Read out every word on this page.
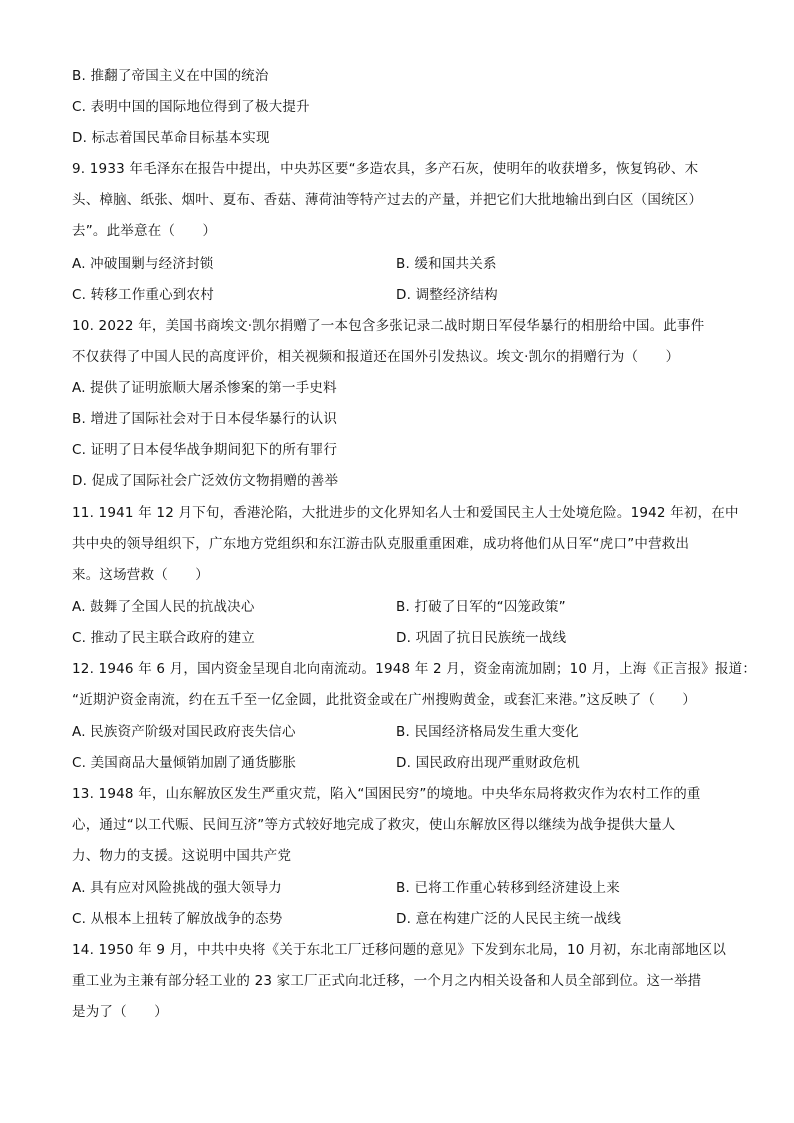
B. 推翻了帝国主义在中国的统治
C. 表明中国的国际地位得到了极大提升
D. 标志着国民革命目标基本实现
9. 1933 年毛泽东在报告中提出，中央苏区要“多造农具，多产石灰，使明年的收获增多，恢复钨砂、木
头、樟脑、纸张、烟叶、夏布、香菇、薄荷油等特产过去的产量，并把它们大批地输出到白区（国统区）
去”。此举意在（　　）
A. 冲破围剿与经济封锁	B. 缓和国共关系
C. 转移工作重心到农村	D. 调整经济结构
10. 2022 年，美国书商埃文·凯尔捐赠了一本包含多张记录二战时期日军侵华暴行的相册给中国。此事件
不仅获得了中国人民的高度评价，相关视频和报道还在国外引发热议。埃文·凯尔的捐赠行为（　　）
A. 提供了证明旅顺大屠杀惨案的第一手史料
B. 增进了国际社会对于日本侵华暴行的认识
C. 证明了日本侵华战争期间犯下的所有罪行
D. 促成了国际社会广泛效仿文物捐赠的善举
11. 1941 年 12 月下旬，香港沦陷，大批进步的文化界知名人士和爱国民主人士处境危险。1942 年初，在中
共中央的领导组织下，广东地方党组织和东江游击队克服重重困难，成功将他们从日军“虎口”中营救出
来。这场营救（　　）
A. 鼓舞了全国人民的抗战决心	B. 打破了日军的“囚笼政策”
C. 推动了民主联合政府的建立	D. 巩固了抗日民族统一战线
12. 1946 年 6 月，国内资金呈现自北向南流动。1948 年 2 月，资金南流加剧；10 月，上海《正言报》报道：
“近期沪资金南流，约在五千至一亿金圆，此批资金或在广州搜购黄金，或套汇来港。”这反映了（　　）
A. 民族资产阶级对国民政府丧失信心	B. 民国经济格局发生重大变化
C. 美国商品大量倾销加剧了通货膨胀	D. 国民政府出现严重财政危机
13. 1948 年，山东解放区发生严重灾荒，陷入“国困民穷”的境地。中央华东局将救灾作为农村工作的重
心，通过“以工代赈、民间互济”等方式较好地完成了救灾，使山东解放区得以继续为战争提供大量人
力、物力的支援。这说明中国共产党
A. 具有应对风险挑战的强大领导力	B. 已将工作重心转移到经济建设上来
C. 从根本上扭转了解放战争的态势	D. 意在构建广泛的人民民主统一战线
14. 1950 年 9 月，中共中央将《关于东北工厂迁移问题的意见》下发到东北局，10 月初，东北南部地区以
重工业为主兼有部分轻工业的 23 家工厂正式向北迁移，一个月之内相关设备和人员全部到位。这一举措
是为了（　　）
